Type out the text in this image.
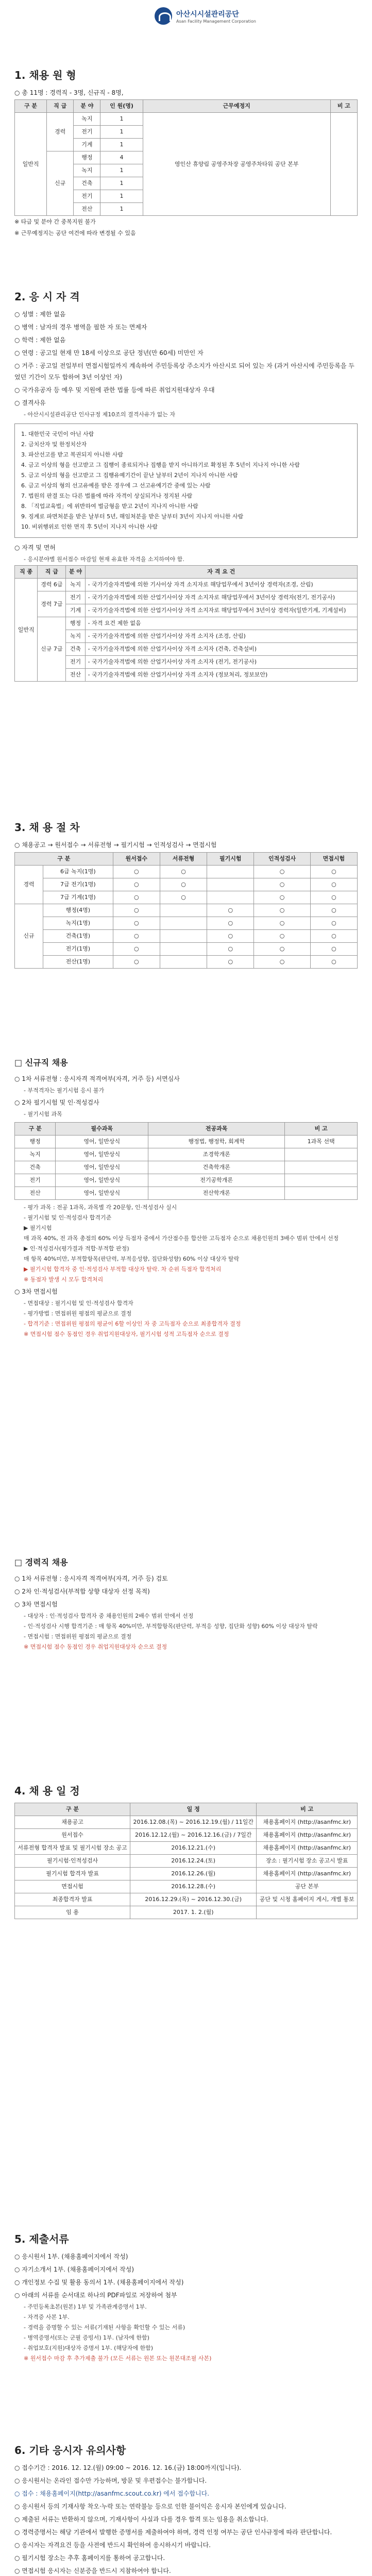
아산시시설관리공단
Asan Facility Management Corporation
1. 채용 원 형
○ 총 11명 : 경력직 - 3명, 신규직 - 8명,
구 분	직 급	분 야	인 원(명)	근무예정지	비 고
일반직	경력	녹지	1	영인산 휴양림 공영주차장 공영주차타워 공단 본부	
		전기	1		
		기계	1		
	신규	행정	4		
		녹지	1		
		건축	1		
		전기	1		
		전산	1		
※ 타급 및 분야 간 중복지원 불가
※ 근무예정지는 공단 여건에 따라 변경될 수 있음
2. 응 시 자 격
○ 성별 : 제한 없음
○ 병역 : 남자의 경우 병역을 필한 자 또는 면제자
○ 학력 : 제한 없음
○ 연령 : 공고일 현재 만 18세 이상으로 공단 정년(만 60세) 미만인 자
○ 거주 : 공고일 전일부터 면접시험일까지 계속하여 주민등록상 주소지가 아산시로 되어 있는 자 (과거 아산시에 주민등록을 두었던 기간이 모두 합하여 3년 이상인 자)
○ 국가유공자 등 예우 및 지원에 관한 법률 등에 따른 취업지원대상자 우대
○ 결격사유
- 아산시시설관리공단 인사규정 제10조의 결격사유가 없는 자
1. 대한민국 국민이 아닌 사람
2. 금치산자 및 한정치산자
3. 파산선고를 받고 복권되지 아니한 사람
4. 금고 이상의 형을 선고받고 그 집행이 종료되거나 집행을 받지 아니하기로 확정된 후 5년이 지나지 아니한 사람
5. 금고 이상의 형을 선고받고 그 집행유예기간이 끝난 날부터 2년이 지나지 아니한 사람
6. 금고 이상의 형의 선고유예를 받은 경우에 그 선고유예기간 중에 있는 사람
7. 법원의 판결 또는 다른 법률에 따라 자격이 상실되거나 정지된 사람
8. 「직업교육법」에 위반하여 벌금형을 받고 2년이 지나지 아니한 사람
9. 징계로 파면처분을 받은 날부터 5년, 해임처분을 받은 날부터 3년이 지나지 아니한 사람
10. 비위행위로 인한 면직 후 5년이 지나지 아니한 사람
○ 자격 및 면허
- 응시분야별 원서접수 마감일 현재 유효한 자격을 소지하여야 함.
직 종	직 급	분 야	자 격 요 건
일반직	경력 6급	녹지	- 국가기술자격법에 의한 기사이상 자격 소지자로 해당업무에서 3년이상 경력자(조경, 산림)
	경력 7급	전기	- 국가기술자격법에 의한 산업기사이상 자격 소지자로 해당업무에서 3년이상 경력자(전기, 전기공사)
		기계	- 국가기술자격법에 의한 산업기사이상 자격 소지자로 해당업무에서 3년이상 경력자(일반기계, 기계설비)
	신규 7급	행정	- 자격 요건 제한 없음
		녹지	- 국가기술자격법에 의한 산업기사이상 자격 소지자 (조경, 산림)
		건축	- 국가기술자격법에 의한 산업기사이상 자격 소지자 (건축, 건축설비)
		전기	- 국가기술자격법에 의한 산업기사이상 자격 소지자 (전기, 전기공사)
		전산	- 국가기술자격법에 의한 산업기사이상 자격 소지자 (정보처리, 정보보안)
3. 채 용 절 차
○ 채용공고 → 원서접수 → 서류전형 → 필기시험 → 인적성검사 → 면접시험
구 분		원서접수	서류전형	필기시험	인적성검사	면접시험
경력	6급 녹지(1명)	○	○		○	○
	7급 전기(1명)	○	○		○	○
	7급 기계(1명)	○	○		○	○
신규	행정(4명)	○		○	○	○
	녹지(1명)	○		○	○	○
	건축(1명)	○		○	○	○
	전기(1명)	○		○	○	○
	전산(1명)	○		○	○	○
□ 신규직 채용
○ 1차 서류전형 : 응시자격 적격여부(자격, 거주 등) 서면심사
- 부적격자는 필기시험 응시 불가
○ 2차 필기시험 및 인·적성검사
- 필기시험 과목
구 분	필수과목	전공과목	비 고
행정	영어, 일반상식	행정법, 행정학, 회계학	1과목 선택
녹지	영어, 일반상식	조경학개론	
건축	영어, 일반상식	건축학개론	
전기	영어, 일반상식	전기공학개론	
전산	영어, 일반상식	전산학개론	
- 평가 과목 : 전공 1과목, 과목별 각 20문항, 인·적성검사 실시
- 필기시험 및 인·적성검사 합격기준
▶ 필기시험
매 과목 40%, 전 과목 총점의 60% 이상 득점자 중에서 가산점수를 합산한 고득점자 순으로 채용인원의 3배수 범위 안에서 선정
▶ 인·적성검사(평가결과 적합·부적합 판정)
매 항목 40%미만, 부적합항목(판단력, 부적응성향, 집단화성향) 60% 이상 대상자 탈락
▶ 필기시험 합격자 중 인·적성검사 부적합 대상자 탈락. 차 순위 득점자 합격처리
※ 동점자 발생 시 모두 합격처리
○ 3차 면접시험
- 면접대상 : 필기시험 및 인·적성검사 합격자
- 평가방법 : 면접위원 평점의 평균으로 결정
- 합격기준 : 면접위원 평점의 평균이 6할 이상인 자 중 고득점자 순으로 최종합격자 결정
※ 면접시험 점수 동점인 경우 취업지원대상자, 필기시험 성적 고득점자 순으로 결정
□ 경력직 채용
○ 1차 서류전형 : 응시자격 적격여부(자격, 거주 등) 검토
○ 2차 인·적성검사(부적합 상향 대상자 선정 목적)
○ 3차 면접시험
- 대상자 : 인·적성검사 합격자 중 채용인원의 2배수 범위 안에서 선정
- 인·적성검사 시행 합격기준 : 매 항목 40%미만, 부적합항목(판단력, 부적응 성향, 집단화 성향) 60% 이상 대상자 탈락
- 면접시험 : 면접위원 평점의 평균으로 결정
※ 면접시험 점수 동점인 경우 취업지원대상자 순으로 결정
4. 채 용 일 정
구 분	일 정	비 고
채용공고	2016.12.08.(목) ~ 2016.12.19.(월) / 11일간	채용홈페이지 (http://asanfmc.kr)
원서접수	2016.12.12.(월) ~ 2016.12.16.(금) / 7일간	채용홈페이지 (http://asanfmc.kr)
서류전형 합격자 발표 및 필기시험 장소 공고	2016.12.21.(수)	채용홈페이지 (http://asanfmc.kr)
필기시험·인적성검사	2016.12.24.(토)	장소 : 필기시험 장소 공고시 발표
필기시험 합격자 발표	2016.12.26.(월)	채용홈페이지 (http://asanfmc.kr)
면접시험	2016.12.28.(수)	공단 본부
최종합격자 발표	2016.12.29.(목) ~ 2016.12.30.(금)	공단 및 시청 홈페이지 게시, 개별 통보
임 용	2017. 1. 2.(월)	
5. 제출서류
○ 응시원서 1부. (채용홈페이지에서 작성)
○ 자기소개서 1부. (채용홈페이지에서 작성)
○ 개인정보 수집 및 활용 동의서 1부. (채용홈페이지에서 작성)
○ 아래의 서류를 순서대로 하나의 PDF파일로 저장하여 첨부
- 주민등록초본(원본) 1부 및 가족관계증명서 1부.
- 자격증 사본 1부.
- 경력을 증명할 수 있는 서류(기재된 사항을 확인할 수 있는 서류)
- 병역증명서(또는 군필 증빙서) 1부. (남자에 한함)
- 취업보호(지원)대상자 증명서 1부. (해당자에 한함)
※ 원서접수 마감 후 추가제출 불가 (모든 서류는 원본 또는 원본대조필 사본)
6. 기타 응시자 유의사항
○ 접수기간 : 2016. 12. 12.(월) 09:00 ~ 2016. 12. 16.(금) 18:00까지(입니다).
○ 응시원서는 온라인 접수만 가능하며, 방문 및 우편접수는 불가합니다.
○ 접수 : 채용홈페이지(http://asanfmc.scout.co.kr) 에서 접수합니다.
○ 응시원서 등의 기재사항 착오·누락 또는 연락불능 등으로 인한 불이익은 응시자 본인에게 있습니다.
○ 제출된 서류는 반환하지 않으며, 기재사항이 사실과 다를 경우 합격 또는 임용을 취소합니다.
○ 경력증명서는 해당 기관에서 발행한 증명서를 제출하여야 하며, 경력 인정 여부는 공단 인사규정에 따라 판단합니다.
○ 응시자는 자격요건 등을 사전에 반드시 확인하여 응시하시기 바랍니다.
○ 필기시험 장소는 추후 홈페이지를 통하여 공고합니다.
○ 면접시험 응시자는 신분증을 반드시 지참하여야 합니다.
